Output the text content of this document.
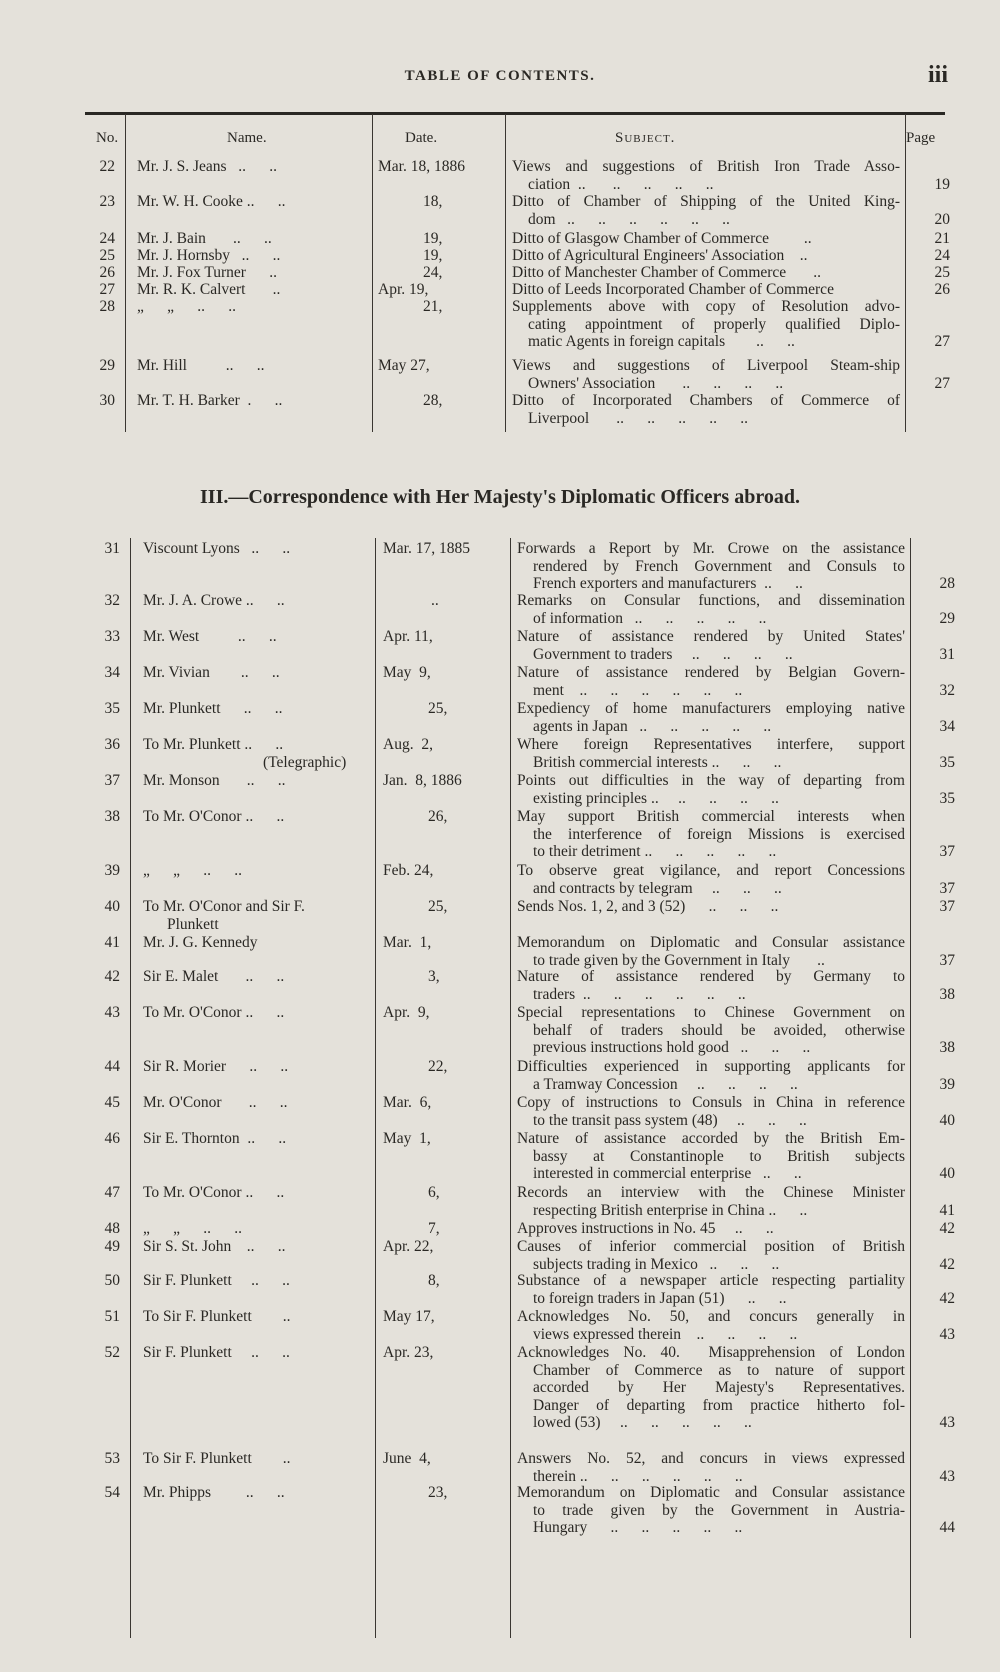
TABLE OF CONTENTS.	iii
No.	Name.	Date.	Subject.	Page
22 Mr. J. S. Jeans   ..      ..	Mar. 18, 1886	Views and suggestions of British Iron Trade Asso-
ciation  ..       ..      ..      ..      ..	19
23 Mr. W. H. Cooke ..      ..	18,	Ditto of Chamber of Shipping of the United King-
dom   ..      ..      ..      ..      ..      ..	20
24 Mr. J. Bain       ..      ..	19,	Ditto of Glasgow Chamber of Commerce         ..	21
25 Mr. J. Hornsby   ..      ..	19,	Ditto of Agricultural Engineers' Association    ..	24
26 Mr. J. Fox Turner      ..	24,	Ditto of Manchester Chamber of Commerce       ..	25
27 Mr. R. K. Calvert       ..	Apr. 19,	Ditto of Leeds Incorporated Chamber of Commerce	26
28 „      „      ..      ..	21,	Supplements above with copy of Resolution advo-
cating appointment of properly qualified Diplo-
matic Agents in foreign capitals        ..      ..	27
29 Mr. Hill          ..      ..	May 27,	Views and suggestions of Liverpool Steam-ship
Owners' Association       ..      ..      ..      ..	27
30 Mr. T. H. Barker  .      ..	28,	Ditto of Incorporated Chambers of Commerce of
Liverpool       ..      ..      ..      ..      ..
III.—Correspondence with Her Majesty's Diplomatic Officers abroad.
31 Viscount Lyons   ..      ..	Mar. 17, 1885	Forwards a Report by Mr. Crowe on the assistance
rendered by French Government and Consuls to
French exporters and manufacturers  ..      ..	28
32 Mr. J. A. Crowe ..      ..	..	Remarks on Consular functions, and dissemination
of information   ..      ..      ..      ..      ..	29
33 Mr. West          ..      ..	Apr. 11,	Nature of assistance rendered by United States'
Government to traders     ..      ..      ..      ..	31
34 Mr. Vivian        ..      ..	May  9,	Nature of assistance rendered by Belgian Govern-
ment    ..      ..      ..      ..      ..      ..	32
35 Mr. Plunkett      ..      ..	25,	Expediency of home manufacturers employing native
agents in Japan   ..      ..      ..      ..      ..	34
36 To Mr. Plunkett ..      ..
(Telegraphic)
Aug.  2,	Where foreign Representatives interfere, support
British commercial interests ..      ..      ..	35
37 Mr. Monson       ..      ..	Jan.  8, 1886	Points out difficulties in the way of departing from
existing principles ..     ..      ..      ..      ..	35
38 To Mr. O'Conor ..      ..	26,	May support British commercial interests when
the interference of foreign Missions is exercised
to their detriment ..      ..      ..      ..      ..	37
39 „      „      ..      ..	Feb. 24,	To observe great vigilance, and report Concessions
and contracts by telegram     ..      ..      ..	37
40 To Mr. O'Conor and Sir F.
Plunkett
25,	Sends Nos. 1, 2, and 3 (52)      ..      ..      ..	37
41 Mr. J. G. Kennedy	Mar.  1,	Memorandum on Diplomatic and Consular assistance
to trade given by the Government in Italy       ..	37
42 Sir E. Malet       ..      ..	3,	Nature of assistance rendered by Germany to
traders  ..      ..      ..      ..      ..      ..	38
43 To Mr. O'Conor ..      ..	Apr.  9,	Special representations to Chinese Government on
behalf of traders should be avoided, otherwise
previous instructions hold good   ..      ..      ..	38
44 Sir R. Morier      ..      ..	22,	Difficulties experienced in supporting applicants for
a Tramway Concession     ..      ..      ..      ..	39
45 Mr. O'Conor       ..      ..	Mar.  6,	Copy of instructions to Consuls in China in reference
to the transit pass system (48)     ..      ..      ..	40
46 Sir E. Thornton  ..      ..	May  1,	Nature of assistance accorded by the British Em-
bassy at Constantinople to British subjects
interested in commercial enterprise   ..      ..	40
47 To Mr. O'Conor ..      ..	6,	Records an interview with the Chinese Minister
respecting British enterprise in China ..      ..	41
48 „      „      ..      ..	7,	Approves instructions in No. 45     ..      ..	42
49 Sir S. St. John    ..      ..	Apr. 22,	Causes of inferior commercial position of British
subjects trading in Mexico   ..      ..      ..	42
50 Sir F. Plunkett     ..      ..	8,	Substance of a newspaper article respecting partiality
to foreign traders in Japan (51)      ..      ..	42
51 To Sir F. Plunkett        ..	May 17,	Acknowledges No. 50, and concurs generally in
views expressed therein    ..      ..      ..      ..	43
52 Sir F. Plunkett     ..      ..	Apr. 23,	Acknowledges No. 40.  Misapprehension of London
Chamber of Commerce as to nature of support
accorded by Her Majesty's Representatives.
Danger of departing from practice hitherto fol-
lowed (53)     ..      ..      ..      ..      ..	43
53 To Sir F. Plunkett        ..	June  4,	Answers No. 52, and concurs in views expressed
therein ..      ..      ..      ..      ..      ..	43
54 Mr. Phipps         ..      ..	23,	Memorandum on Diplomatic and Consular assistance
to trade given by the Government in Austria-
Hungary      ..      ..      ..      ..      ..	44
